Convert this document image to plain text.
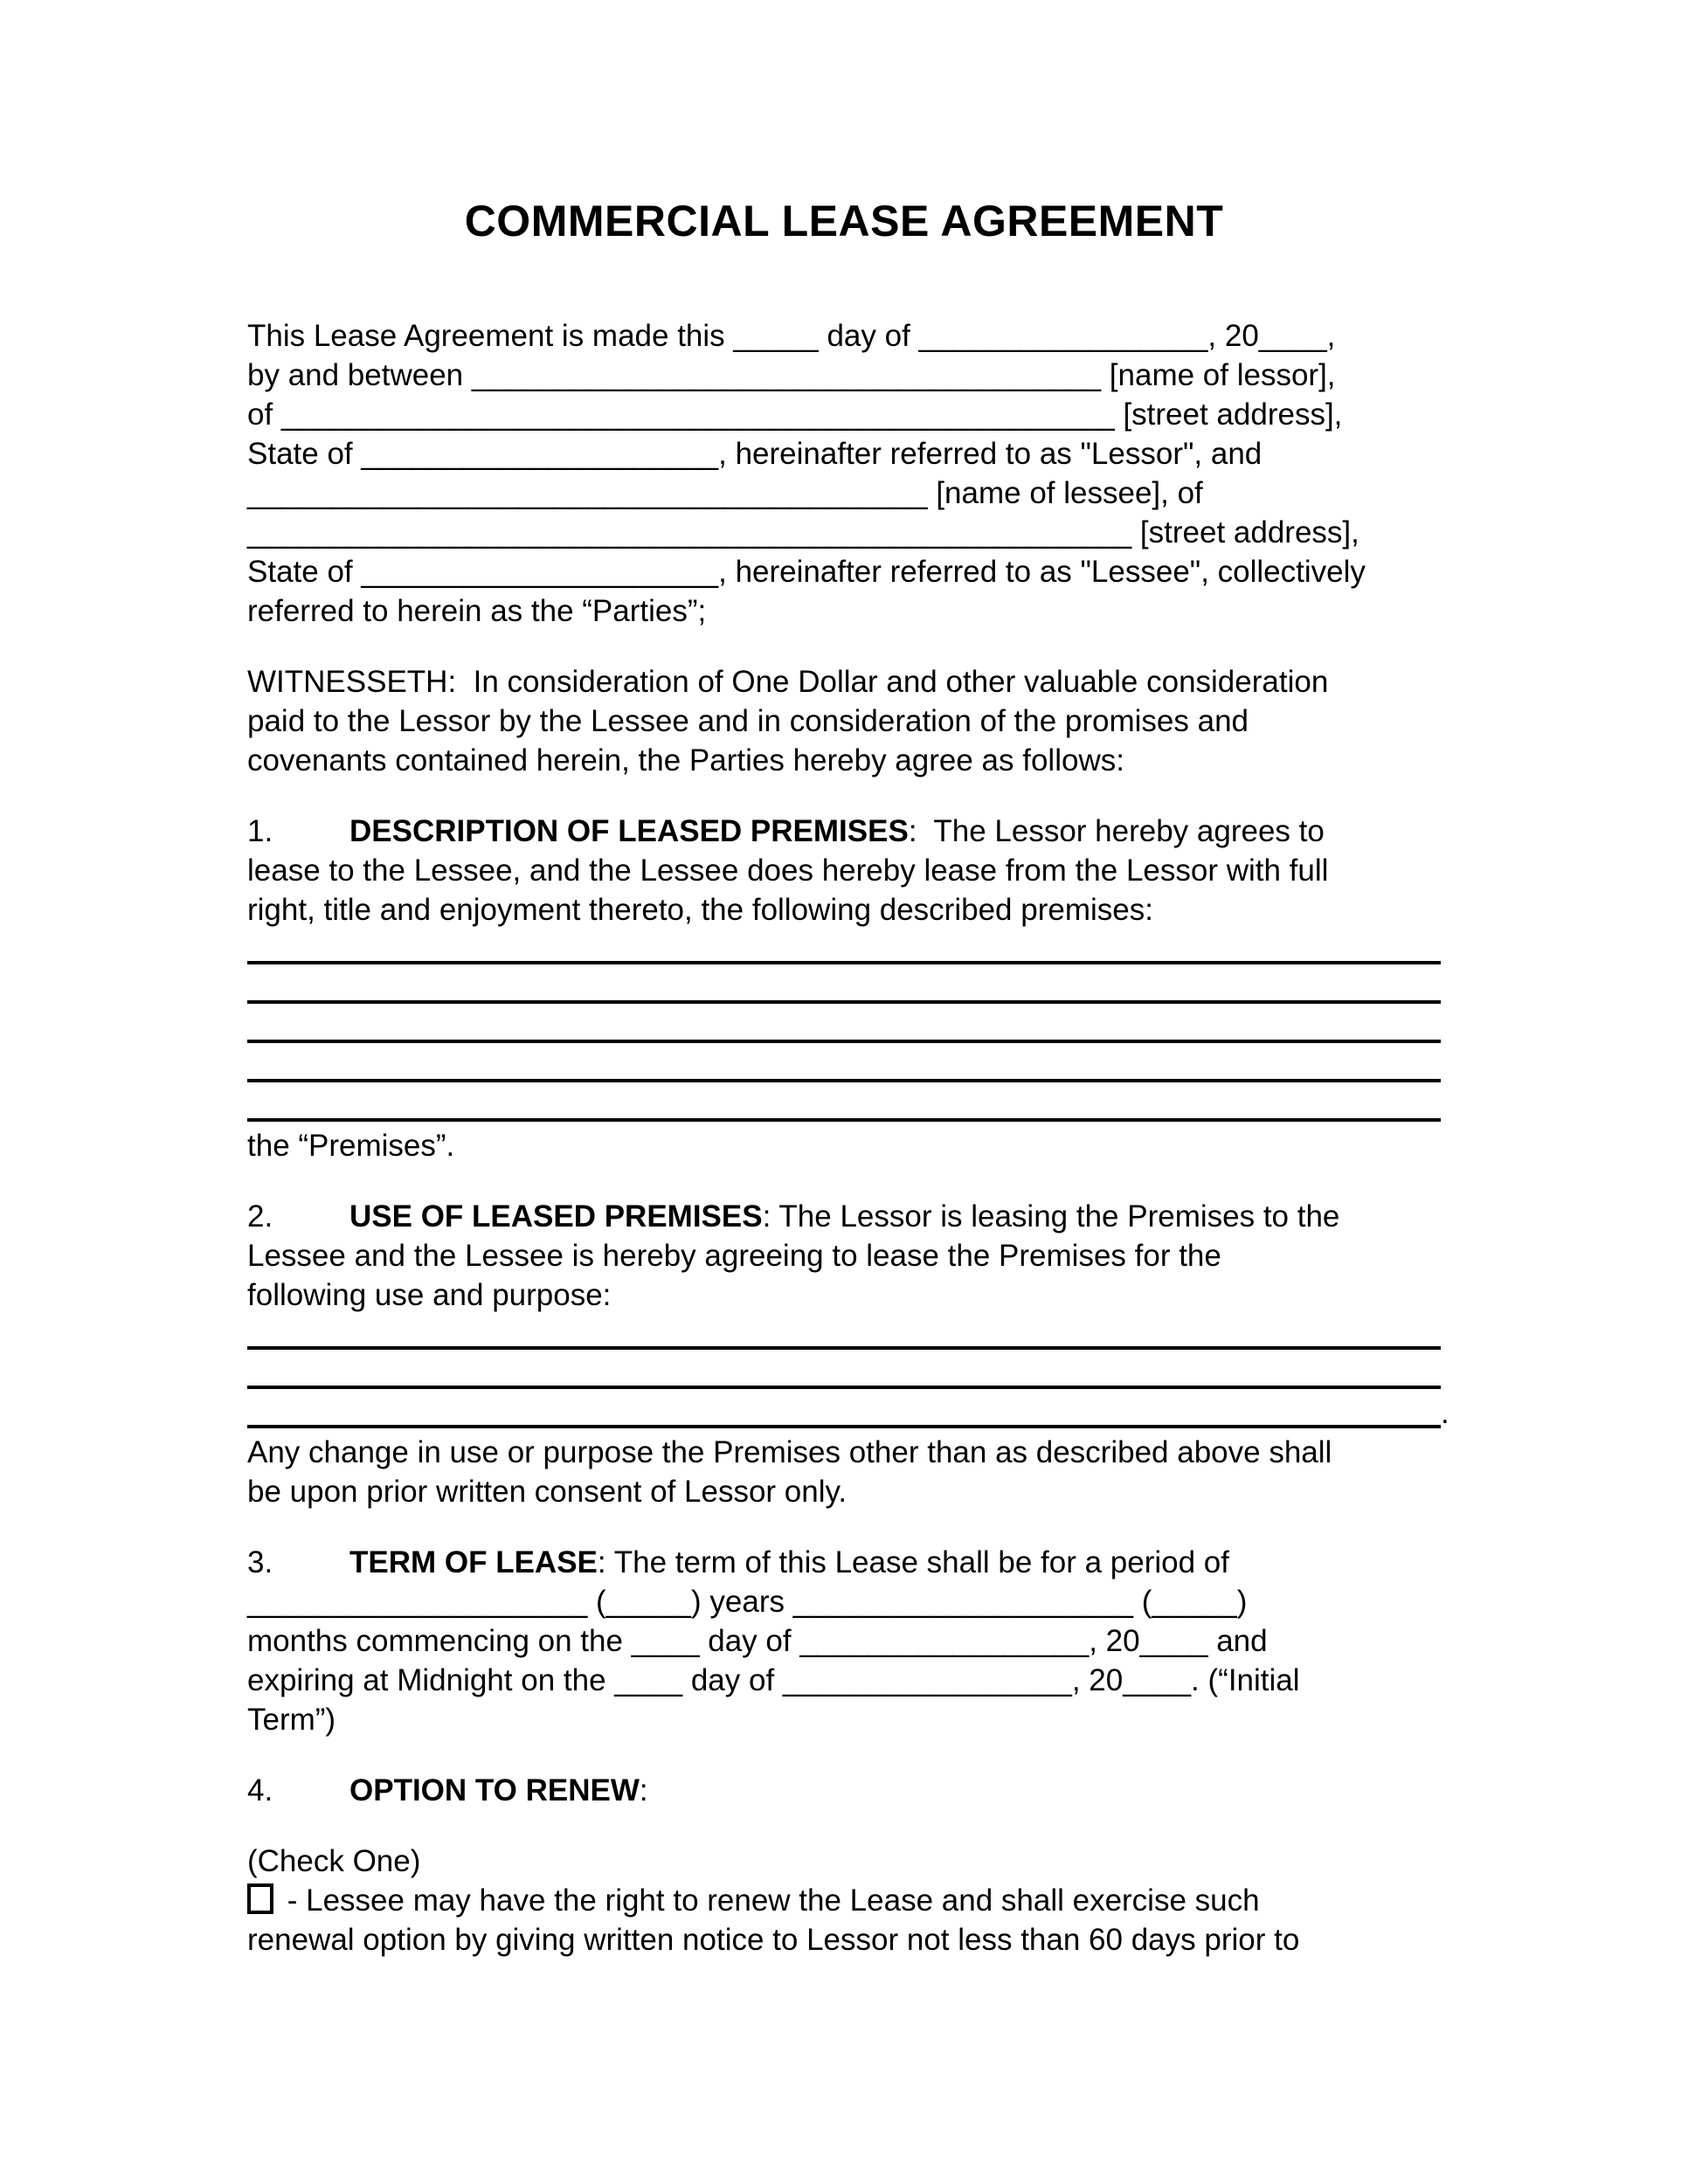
COMMERCIAL LEASE AGREEMENT
This Lease Agreement is made this _____ day of _________________, 20____,
by and between _____________________________________ [name of lessor],
of _________________________________________________ [street address],
State of _____________________, hereinafter referred to as "Lessor", and
________________________________________ [name of lessee], of
____________________________________________________ [street address],
State of _____________________, hereinafter referred to as "Lessee", collectively
referred to herein as the “Parties”;
WITNESSETH:  In consideration of One Dollar and other valuable consideration
paid to the Lessor by the Lessee and in consideration of the promises and
covenants contained herein, the Parties hereby agree as follows:
1.	DESCRIPTION OF LEASED PREMISES:  The Lessor hereby agrees to
lease to the Lessee, and the Lessee does hereby lease from the Lessor with full
right, title and enjoyment thereto, the following described premises:
the “Premises”.
2.	USE OF LEASED PREMISES: The Lessor is leasing the Premises to the
Lessee and the Lessee is hereby agreeing to lease the Premises for the
following use and purpose:
.
Any change in use or purpose the Premises other than as described above shall
be upon prior written consent of Lessor only.
3.	TERM OF LEASE: The term of this Lease shall be for a period of
____________________ (_____) years ____________________ (_____)
months commencing on the ____ day of _________________, 20____ and
expiring at Midnight on the ____ day of _________________, 20____. (“Initial
Term”)
4.	OPTION TO RENEW:
(Check One)
- Lessee may have the right to renew the Lease and shall exercise such
renewal option by giving written notice to Lessor not less than 60 days prior to
